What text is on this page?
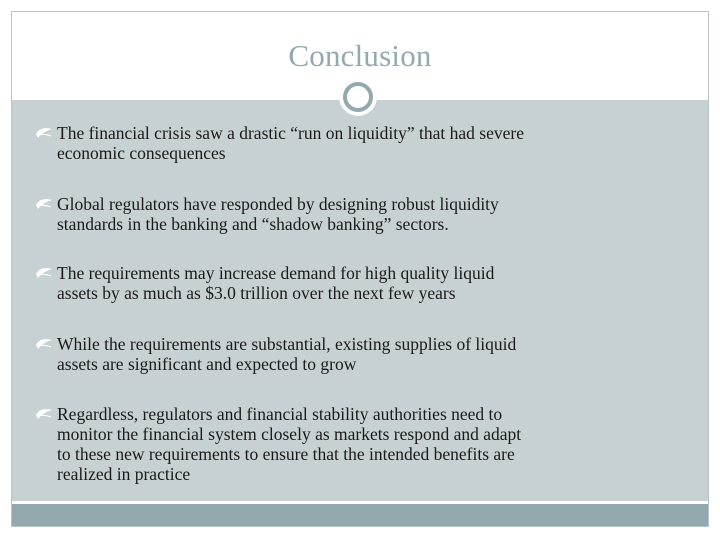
Conclusion
The financial crisis saw a drastic “run on liquidity” that had severe
economic consequences
Global regulators have responded by designing robust liquidity
standards in the banking and “shadow banking” sectors.
The requirements may increase demand for high quality liquid
assets by as much as $3.0 trillion over the next few years
While the requirements are substantial, existing supplies of liquid
assets are significant and expected to grow
Regardless, regulators and financial stability authorities need to
monitor the financial system closely as markets respond and adapt
to these new requirements to ensure that the intended benefits are
realized in practice
